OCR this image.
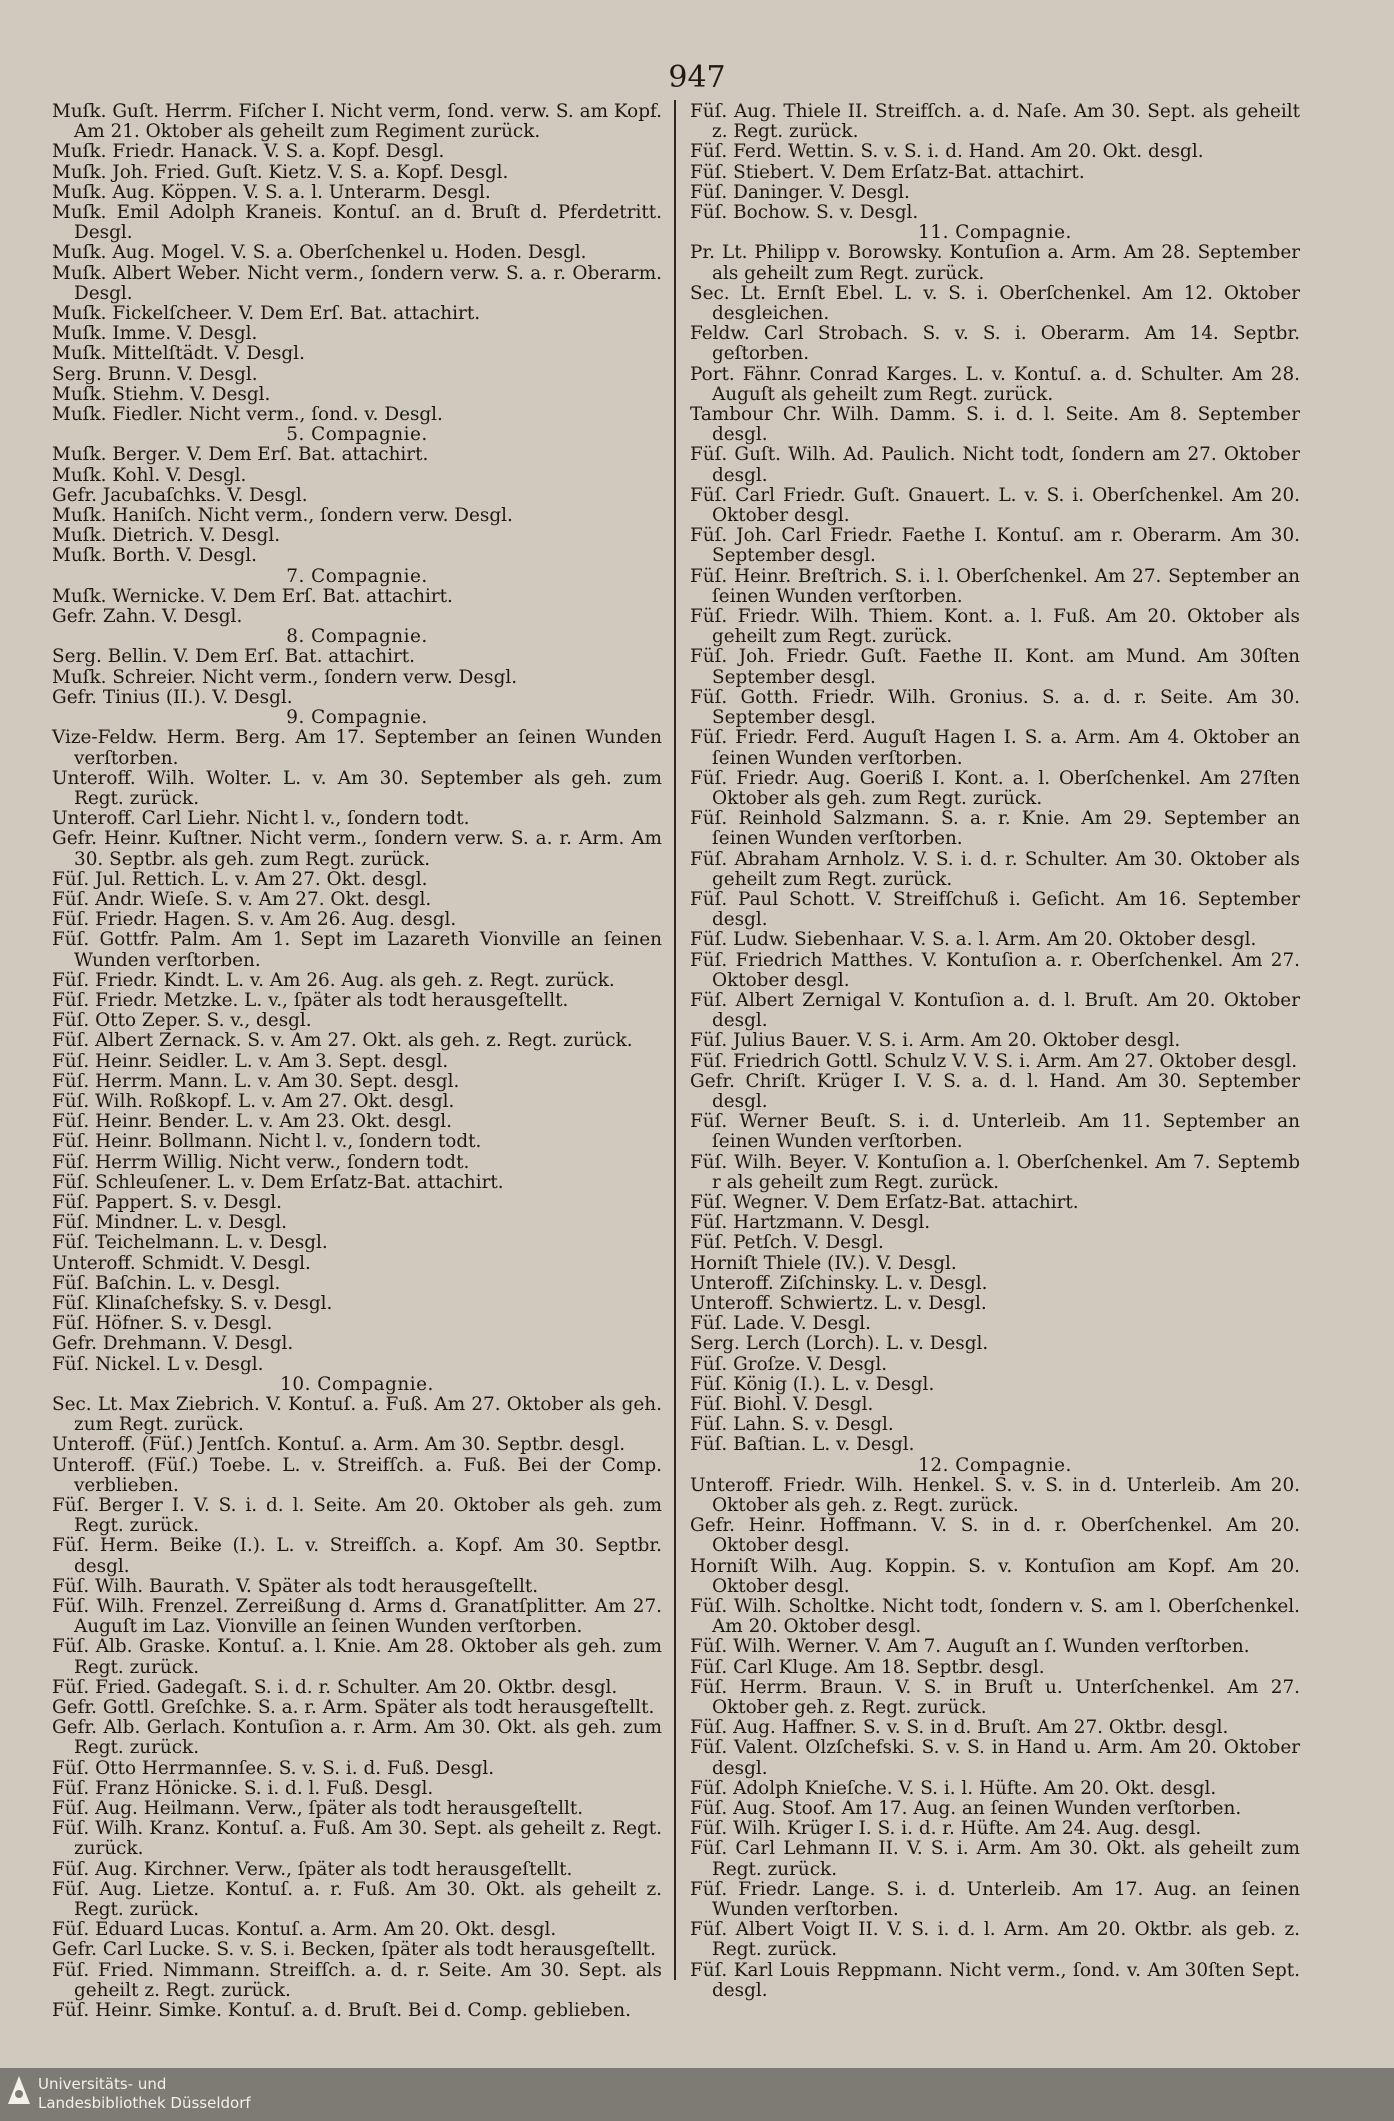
947

Muſk. Guſt. Herrm. Fiſcher I. Nicht verm, ſond. verw. S. am Kopf. Am 21. Oktober als geheilt zum Regiment zurück.

Muſk. Friedr. Hanack. V. S. a. Kopf. Desgl.

Muſk. Joh. Fried. Guſt. Kietz. V. S. a. Kopf. Desgl.

Muſk. Aug. Köppen. V. S. a. l. Unterarm. Desgl.

Muſk. Emil Adolph Kraneis. Kontuſ. an d. Bruſt d. Pferdetritt. Desgl.

Muſk. Aug. Mogel. V. S. a. Oberſchenkel u. Hoden. Desgl.

Muſk. Albert Weber. Nicht verm., ſondern verw. S. a. r. Oberarm. Desgl.

Muſk. Fickelſcheer. V. Dem Erſ. Bat. attachirt.

Muſk. Imme. V. Desgl.

Muſk. Mittelſtädt. V. Desgl.

Serg. Brunn. V. Desgl.

Muſk. Stiehm. V. Desgl.

Muſk. Fiedler. Nicht verm., ſond. v. Desgl.

5. Compagnie.

Muſk. Berger. V. Dem Erſ. Bat. attachirt.

Muſk. Kohl. V. Desgl.

Gefr. Jacubaſchks. V. Desgl.

Muſk. Haniſch. Nicht verm., ſondern verw. Desgl.

Muſk. Dietrich. V. Desgl.

Muſk. Borth. V. Desgl.

7. Compagnie.

Muſk. Wernicke. V. Dem Erſ. Bat. attachirt.

Gefr. Zahn. V. Desgl.

8. Compagnie.

Serg. Bellin. V. Dem Erſ. Bat. attachirt.

Muſk. Schreier. Nicht verm., ſondern verw. Desgl.

Gefr. Tinius (II.). V. Desgl.

9. Compagnie.

Vize-Feldw. Herm. Berg. Am 17. September an ſeinen Wunden verſtorben.

Unteroff. Wilh. Wolter. L. v. Am 30. September als geh. zum Regt. zurück.

Unteroff. Carl Liehr. Nicht l. v., ſondern todt.

Gefr. Heinr. Kuſtner. Nicht verm., ſondern verw. S. a. r. Arm. Am 30. Septbr. als geh. zum Regt. zurück.

Füſ. Jul. Rettich. L. v. Am 27. Okt. desgl.

Füſ. Andr. Wieſe. S. v. Am 27. Okt. desgl.

Füſ. Friedr. Hagen. S. v. Am 26. Aug. desgl.

Füſ. Gottfr. Palm. Am 1. Sept im Lazareth Vionville an ſeinen Wunden verſtorben.

Füſ. Friedr. Kindt. L. v. Am 26. Aug. als geh. z. Regt. zurück.

Füſ. Friedr. Metzke. L. v., ſpäter als todt herausgeſtellt.

Füſ. Otto Zeper. S. v., desgl.

Füſ. Albert Zernack. S. v. Am 27. Okt. als geh. z. Regt. zurück.

Füſ. Heinr. Seidler. L. v. Am 3. Sept. desgl.

Füſ. Herrm. Mann. L. v. Am 30. Sept. desgl.

Füſ. Wilh. Roßkopf. L. v. Am 27. Okt. desgl.

Füſ. Heinr. Bender. L. v. Am 23. Okt. desgl.

Füſ. Heinr. Bollmann. Nicht l. v., ſondern todt.

Füſ. Herrm Willig. Nicht verw., ſondern todt.

Füſ. Schleuſener. L. v. Dem Erſatz-Bat. attachirt.

Füſ. Pappert. S. v. Desgl.

Füſ. Mindner. L. v. Desgl.

Füſ. Teichelmann. L. v. Desgl.

Unteroff. Schmidt. V. Desgl.

Füſ. Baſchin. L. v. Desgl.

Füſ. Klinaſchefsky. S. v. Desgl.

Füſ. Höfner. S. v. Desgl.

Gefr. Drehmann. V. Desgl.

Füſ. Nickel. L v. Desgl.

10. Compagnie.

Sec. Lt. Max Ziebrich. V. Kontuſ. a. Fuß. Am 27. Oktober als geh. zum Regt. zurück.

Unteroff. (Füſ.) Jentſch. Kontuſ. a. Arm. Am 30. Septbr. desgl.

Unteroff. (Füſ.) Toebe. L. v. Streifſch. a. Fuß. Bei der Comp. verblieben.

Füſ. Berger I. V. S. i. d. l. Seite. Am 20. Oktober als geh. zum Regt. zurück.

Füſ. Herm. Beike (I.). L. v. Streifſch. a. Kopf. Am 30. Septbr. desgl.

Füſ. Wilh. Baurath. V. Später als todt herausgeſtellt.

Füſ. Wilh. Frenzel. Zerreißung d. Arms d. Granatſplitter. Am 27. Auguſt im Laz. Vionville an ſeinen Wunden verſtorben.

Füſ. Alb. Graske. Kontuſ. a. l. Knie. Am 28. Oktober als geh. zum Regt. zurück.

Füſ. Fried. Gadegaſt. S. i. d. r. Schulter. Am 20. Oktbr. desgl.

Gefr. Gottl. Greſchke. S. a. r. Arm. Später als todt herausgeſtellt.

Gefr. Alb. Gerlach. Kontuſion a. r. Arm. Am 30. Okt. als geh. zum Regt. zurück.

Füſ. Otto Herrmannſee. S. v. S. i. d. Fuß. Desgl.

Füſ. Franz Hönicke. S. i. d. l. Fuß. Desgl.

Füſ. Aug. Heilmann. Verw., ſpäter als todt herausgeſtellt.

Füſ. Wilh. Kranz. Kontuſ. a. Fuß. Am 30. Sept. als geheilt z. Regt. zurück.

Füſ. Aug. Kirchner. Verw., ſpäter als todt herausgeſtellt.

Füſ. Aug. Lietze. Kontuſ. a. r. Fuß. Am 30. Okt. als geheilt z. Regt. zurück.

Füſ. Eduard Lucas. Kontuſ. a. Arm. Am 20. Okt. desgl.

Gefr. Carl Lucke. S. v. S. i. Becken, ſpäter als todt herausgeſtellt.

Füſ. Fried. Nimmann. Streifſch. a. d. r. Seite. Am 30. Sept. als geheilt z. Regt. zurück.

Füſ. Heinr. Simke. Kontuſ. a. d. Bruſt. Bei d. Comp. geblieben.

Füſ. Aug. Thiele II. Streifſch. a. d. Naſe. Am 30. Sept. als geheilt z. Regt. zurück.

Füſ. Ferd. Wettin. S. v. S. i. d. Hand. Am 20. Okt. desgl.

Füſ. Stiebert. V. Dem Erſatz-Bat. attachirt.

Füſ. Daninger. V. Desgl.

Füſ. Bochow. S. v. Desgl.

11. Compagnie.

Pr. Lt. Philipp v. Borowsky. Kontuſion a. Arm. Am 28. September als geheilt zum Regt. zurück.

Sec. Lt. Ernſt Ebel. L. v. S. i. Oberſchenkel. Am 12. Oktober desgleichen.

Feldw. Carl Strobach. S. v. S. i. Oberarm. Am 14. Septbr. geſtorben.

Port. Fähnr. Conrad Karges. L. v. Kontuſ. a. d. Schulter. Am 28. Auguſt als geheilt zum Regt. zurück.

Tambour Chr. Wilh. Damm. S. i. d. l. Seite. Am 8. September desgl.

Füſ. Guſt. Wilh. Ad. Paulich. Nicht todt, ſondern am 27. Oktober desgl.

Füſ. Carl Friedr. Guſt. Gnauert. L. v. S. i. Oberſchenkel. Am 20. Oktober desgl.

Füſ. Joh. Carl Friedr. Faethe I. Kontuſ. am r. Oberarm. Am 30. September desgl.

Füſ. Heinr. Breſtrich. S. i. l. Oberſchenkel. Am 27. September an ſeinen Wunden verſtorben.

Füſ. Friedr. Wilh. Thiem. Kont. a. l. Fuß. Am 20. Oktober als geheilt zum Regt. zurück.

Füſ. Joh. Friedr. Guſt. Faethe II. Kont. am Mund. Am 30ſten September desgl.

Füſ. Gotth. Friedr. Wilh. Gronius. S. a. d. r. Seite. Am 30. September desgl.

Füſ. Friedr. Ferd. Auguſt Hagen I. S. a. Arm. Am 4. Oktober an ſeinen Wunden verſtorben.

Füſ. Friedr. Aug. Goeriß I. Kont. a. l. Oberſchenkel. Am 27ſten Oktober als geh. zum Regt. zurück.

Füſ. Reinhold Salzmann. S. a. r. Knie. Am 29. September an ſeinen Wunden verſtorben.

Füſ. Abraham Arnholz. V. S. i. d. r. Schulter. Am 30. Oktober als geheilt zum Regt. zurück.

Füſ. Paul Schott. V. Streifſchuß i. Geſicht. Am 16. September desgl.

Füſ. Ludw. Siebenhaar. V. S. a. l. Arm. Am 20. Oktober desgl.

Füſ. Friedrich Matthes. V. Kontuſion a. r. Oberſchenkel. Am 27. Oktober desgl.

Füſ. Albert Zernigal V. Kontuſion a. d. l. Bruſt. Am 20. Oktober desgl.

Füſ. Julius Bauer. V. S. i. Arm. Am 20. Oktober desgl.

Füſ. Friedrich Gottl. Schulz V. V. S. i. Arm. Am 27. Oktober desgl.

Gefr. Chriſt. Krüger I. V. S. a. d. l. Hand. Am 30. September desgl.

Füſ. Werner Beuſt. S. i. d. Unterleib. Am 11. September an ſeinen Wunden verſtorben.

Füſ. Wilh. Beyer. V. Kontuſion a. l. Oberſchenkel. Am 7. Septemb r als geheilt zum Regt. zurück.

Füſ. Wegner. V. Dem Erſatz-Bat. attachirt.

Füſ. Hartzmann. V. Desgl.

Füſ. Petſch. V. Desgl.

Horniſt Thiele (IV.). V. Desgl.

Unteroff. Ziſchinsky. L. v. Desgl.

Unteroff. Schwiertz. L. v. Desgl.

Füſ. Lade. V. Desgl.

Serg. Lerch (Lorch). L. v. Desgl.

Füſ. Groſze. V. Desgl.

Füſ. König (I.). L. v. Desgl.

Füſ. Biohl. V. Desgl.

Füſ. Lahn. S. v. Desgl.

Füſ. Baſtian. L. v. Desgl.

12. Compagnie.

Unteroff. Friedr. Wilh. Henkel. S. v. S. in d. Unterleib. Am 20. Oktober als geh. z. Regt. zurück.

Gefr. Heinr. Hoffmann. V. S. in d. r. Oberſchenkel. Am 20. Oktober desgl.

Horniſt Wilh. Aug. Koppin. S. v. Kontuſion am Kopf. Am 20. Oktober desgl.

Füſ. Wilh. Scholtke. Nicht todt, ſondern v. S. am l. Oberſchenkel. Am 20. Oktober desgl.

Füſ. Wilh. Werner. V. Am 7. Auguſt an ſ. Wunden verſtorben.

Füſ. Carl Kluge. Am 18. Septbr. desgl.

Füſ. Herrm. Braun. V. S. in Bruſt u. Unterſchenkel. Am 27. Oktober geh. z. Regt. zurück.

Füſ. Aug. Haffner. S. v. S. in d. Bruſt. Am 27. Oktbr. desgl.

Füſ. Valent. Olzſchefski. S. v. S. in Hand u. Arm. Am 20. Oktober desgl.

Füſ. Adolph Knieſche. V. S. i. l. Hüfte. Am 20. Okt. desgl.

Füſ. Aug. Stoof. Am 17. Aug. an ſeinen Wunden verſtorben.

Füſ. Wilh. Krüger I. S. i. d. r. Hüfte. Am 24. Aug. desgl.

Füſ. Carl Lehmann II. V. S. i. Arm. Am 30. Okt. als geheilt zum Regt. zurück.

Füſ. Friedr. Lange. S. i. d. Unterleib. Am 17. Aug. an ſeinen Wunden verſtorben.

Füſ. Albert Voigt II. V. S. i. d. l. Arm. Am 20. Oktbr. als geb. z. Regt. zurück.

Füſ. Karl Louis Reppmann. Nicht verm., ſond. v. Am 30ſten Sept. desgl.

Universitäts- und
Landesbibliothek Düsseldorf
